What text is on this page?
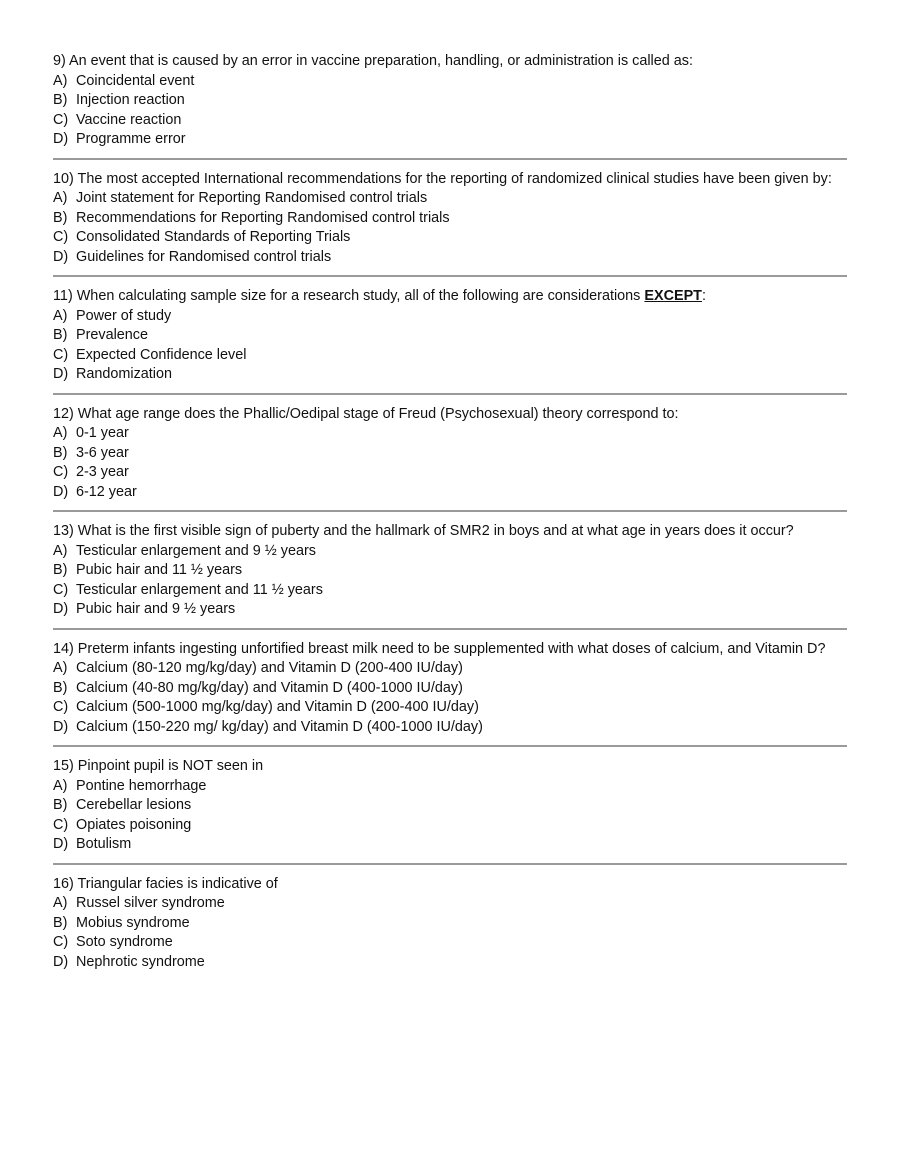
9) An event that is caused by an error in vaccine preparation, handling, or administration is called as:

A) Coincidental event
B) Injection reaction
C) Vaccine reaction
D) Programme error

10) The most accepted International recommendations for the reporting of randomized clinical studies have been given by:

A) Joint statement for Reporting Randomised control trials
B) Recommendations for Reporting Randomised control trials
C) Consolidated Standards of Reporting Trials
D) Guidelines for Randomised control trials

11) When calculating sample size for a research study, all of the following are considerations EXCEPT:

A) Power of study
B) Prevalence
C) Expected Confidence level
D) Randomization

12) What age range does the Phallic/Oedipal stage of Freud (Psychosexual) theory correspond to:

A) 0-1 year
B) 3-6 year
C) 2-3 year
D) 6-12 year

13) What is the first visible sign of puberty and the hallmark of SMR2 in boys and at what age in years does it occur?

A) Testicular enlargement and 9 ½ years
B) Pubic hair and 11 ½ years
C) Testicular enlargement and 11 ½ years
D) Pubic hair and 9 ½ years

14) Preterm infants ingesting unfortified breast milk need to be supplemented with what doses of calcium, and Vitamin D?

A) Calcium (80-120 mg/kg/day) and Vitamin D (200-400 IU/day)
B) Calcium (40-80 mg/kg/day) and Vitamin D (400-1000 IU/day)
C) Calcium (500-1000 mg/kg/day) and Vitamin D (200-400 IU/day)
D) Calcium (150-220 mg/ kg/day) and Vitamin D (400-1000 IU/day)

15) Pinpoint pupil is NOT seen in

A) Pontine hemorrhage
B) Cerebellar lesions
C) Opiates poisoning
D) Botulism

16) Triangular facies is indicative of

A) Russel silver syndrome
B) Mobius syndrome
C) Soto syndrome
D) Nephrotic syndrome
